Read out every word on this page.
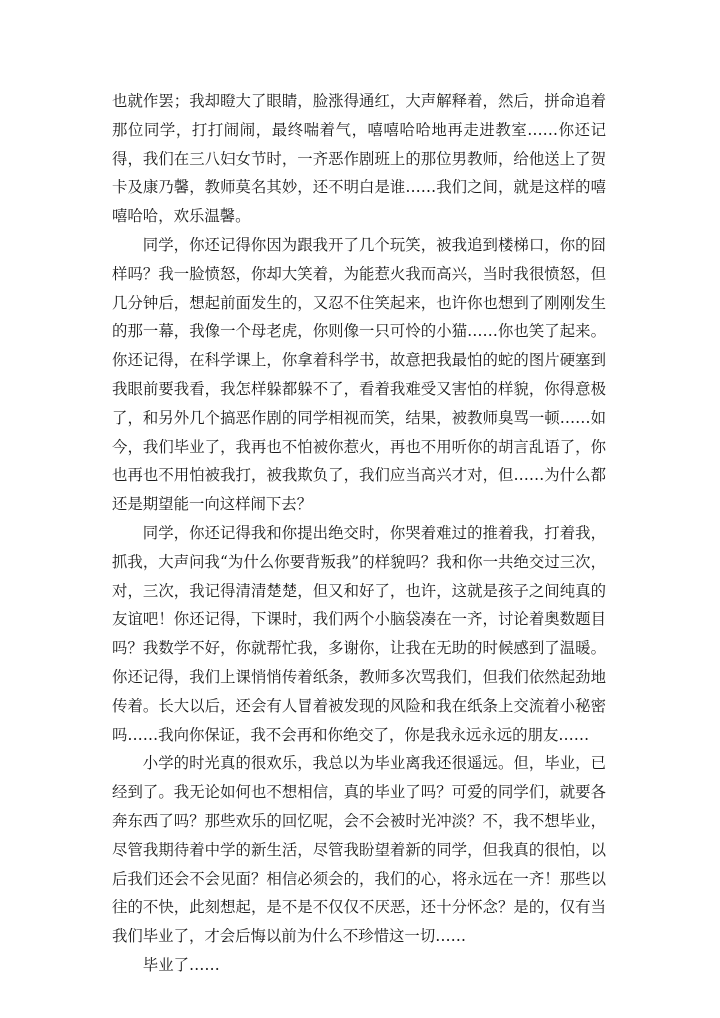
也就作罢；我却瞪大了眼睛，脸涨得通红，大声解释着，然后，拼命追着那位同学，打打闹闹，最终喘着气，嘻嘻哈哈地再走进教室……你还记得，我们在三八妇女节时，一齐恶作剧班上的那位男教师，给他送上了贺卡及康乃馨，教师莫名其妙，还不明白是谁……我们之间，就是这样的嘻嘻哈哈，欢乐温馨。

同学，你还记得你因为跟我开了几个玩笑，被我追到楼梯口，你的囧样吗？我一脸愤怒，你却大笑着，为能惹火我而高兴，当时我很愤怒，但几分钟后，想起前面发生的，又忍不住笑起来，也许你也想到了刚刚发生的那一幕，我像一个母老虎，你则像一只可怜的小猫……你也笑了起来。你还记得，在科学课上，你拿着科学书，故意把我最怕的蛇的图片硬塞到我眼前要我看，我怎样躲都躲不了，看着我难受又害怕的样貌，你得意极了，和另外几个搞恶作剧的同学相视而笑，结果，被教师臭骂一顿……如今，我们毕业了，我再也不怕被你惹火，再也不用听你的胡言乱语了，你也再也不用怕被我打，被我欺负了，我们应当高兴才对，但……为什么都还是期望能一向这样闹下去？

同学，你还记得我和你提出绝交时，你哭着难过的推着我，打着我，抓我，大声问我“为什么你要背叛我”的样貌吗？我和你一共绝交过三次，对，三次，我记得清清楚楚，但又和好了，也许，这就是孩子之间纯真的友谊吧！你还记得，下课时，我们两个小脑袋凑在一齐，讨论着奥数题目吗？我数学不好，你就帮忙我，多谢你，让我在无助的时候感到了温暖。你还记得，我们上课悄悄传着纸条，教师多次骂我们，但我们依然起劲地传着。长大以后，还会有人冒着被发现的风险和我在纸条上交流着小秘密吗……我向你保证，我不会再和你绝交了，你是我永远永远的朋友……

小学的时光真的很欢乐，我总以为毕业离我还很遥远。但，毕业，已经到了。我无论如何也不想相信，真的毕业了吗？可爱的同学们，就要各奔东西了吗？那些欢乐的回忆呢，会不会被时光冲淡？不，我不想毕业，尽管我期待着中学的新生活，尽管我盼望着新的同学，但我真的很怕，以后我们还会不会见面？相信必须会的，我们的心，将永远在一齐！那些以往的不快，此刻想起，是不是不仅仅不厌恶，还十分怀念？是的，仅有当我们毕业了，才会后悔以前为什么不珍惜这一切……

毕业了……
